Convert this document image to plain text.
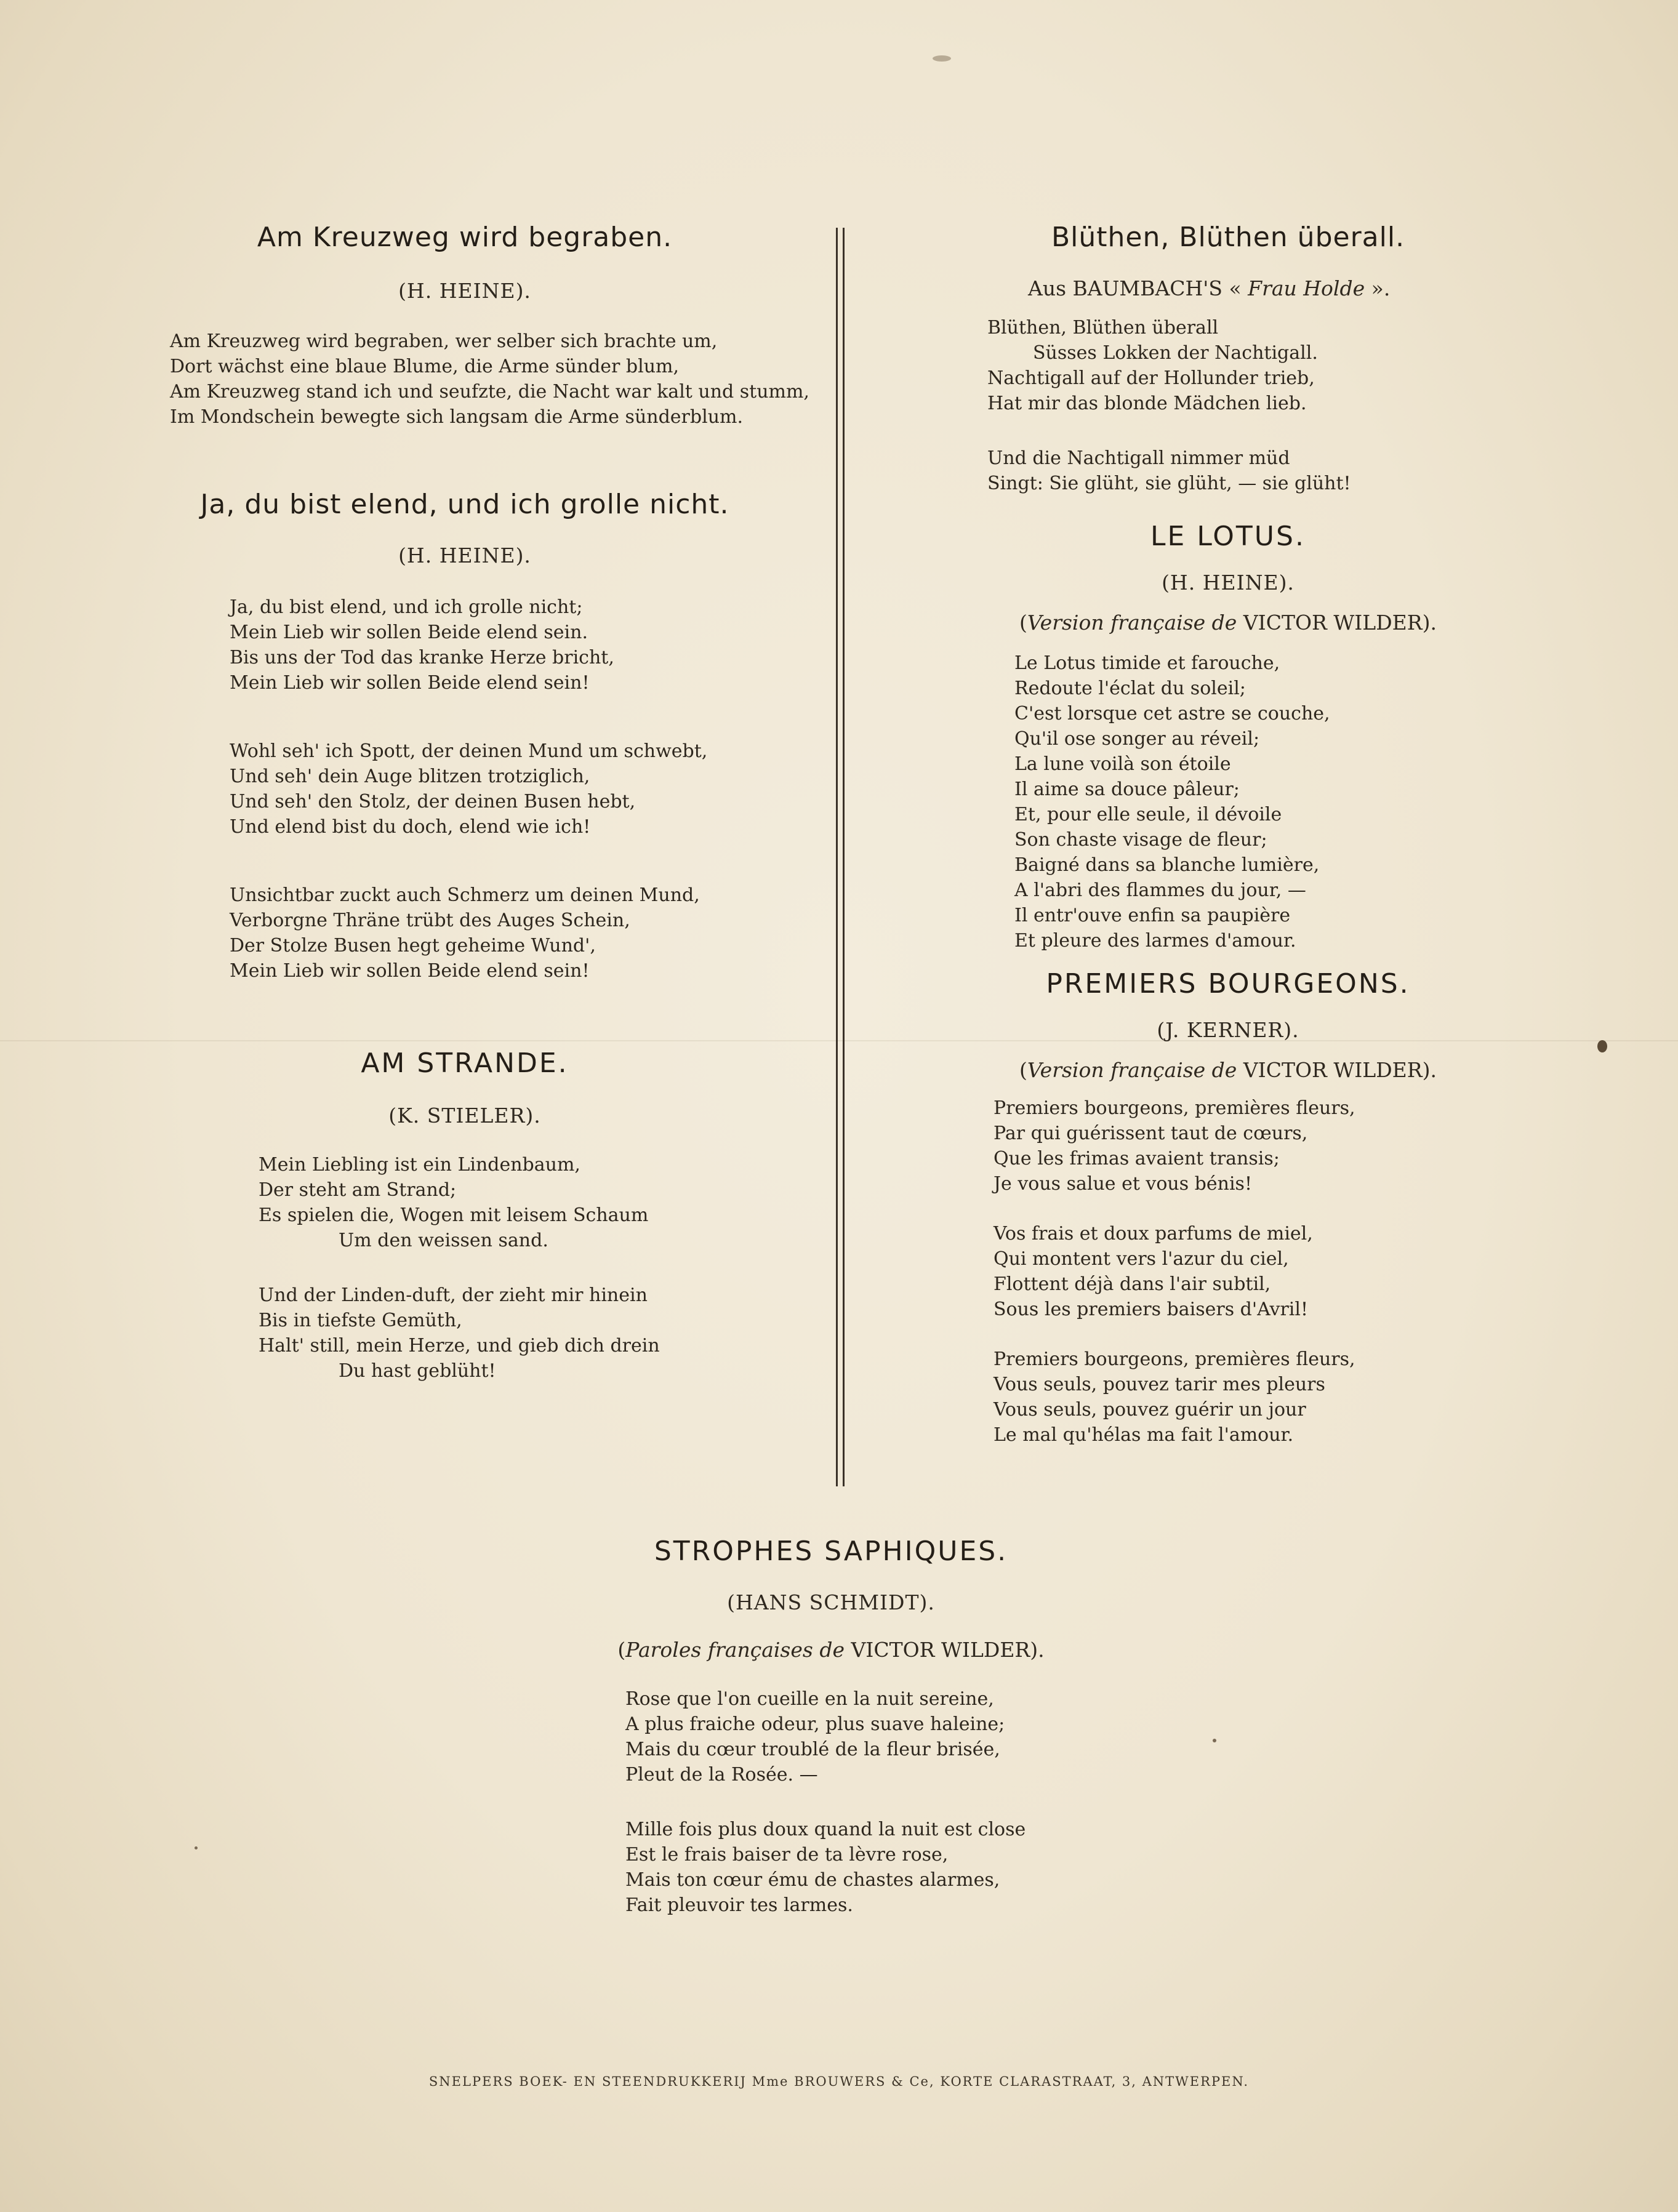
Am Kreuzweg wird begraben.

(H. HEINE).

Am Kreuzweg wird begraben, wer selber sich brachte um,
Dort wächst eine blaue Blume, die Arme sünder blum,
Am Kreuzweg stand ich und seufzte, die Nacht war kalt und stumm,
Im Mondschein bewegte sich langsam die Arme sünderblum.
Ja, du bist elend, und ich grolle nicht.

(H. HEINE).

Ja, du bist elend, und ich grolle nicht;
Mein Lieb wir sollen Beide elend sein.
Bis uns der Tod das kranke Herze bricht,
Mein Lieb wir sollen Beide elend sein!
Wohl seh' ich Spott, der deinen Mund um schwebt,
Und seh' dein Auge blitzen trotziglich,
Und seh' den Stolz, der deinen Busen hebt,
Und elend bist du doch, elend wie ich!
Unsichtbar zuckt auch Schmerz um deinen Mund,
Verborgne Thräne trübt des Auges Schein,
Der Stolze Busen hegt geheime Wund',
Mein Lieb wir sollen Beide elend sein!
AM STRANDE.

(K. STIELER).

Mein Liebling ist ein Lindenbaum,
Der steht am Strand;
Es spielen die, Wogen mit leisem Schaum
Um den weissen sand.
Und der Linden-duft, der zieht mir hinein
Bis in tiefste Gemüth,
Halt' still, mein Herze, und gieb dich drein
Du hast geblüht!
Blüthen, Blüthen überall.

Aus BAUMBACH'S « Frau Holde ».

Blüthen, Blüthen überall
Süsses Lokken der Nachtigall.
Nachtigall auf der Hollunder trieb,
Hat mir das blonde Mädchen lieb.
Und die Nachtigall nimmer müd
Singt: Sie glüht, sie glüht, — sie glüht!
LE LOTUS.

(H. HEINE).

(Version française de VICTOR WILDER).

Le Lotus timide et farouche,
Redoute l'éclat du soleil;
C'est lorsque cet astre se couche,
Qu'il ose songer au réveil;
La lune voilà son étoile
Il aime sa douce pâleur;
Et, pour elle seule, il dévoile
Son chaste visage de fleur;
Baigné dans sa blanche lumière,
A l'abri des flammes du jour, —
Il entr'ouve enfin sa paupière
Et pleure des larmes d'amour.
PREMIERS BOURGEONS.

(J. KERNER).

(Version française de VICTOR WILDER).

Premiers bourgeons, premières fleurs,
Par qui guérissent taut de cœurs,
Que les frimas avaient transis;
Je vous salue et vous bénis!
Vos frais et doux parfums de miel,
Qui montent vers l'azur du ciel,
Flottent déjà dans l'air subtil,
Sous les premiers baisers d'Avril!
Premiers bourgeons, premières fleurs,
Vous seuls, pouvez tarir mes pleurs
Vous seuls, pouvez guérir un jour
Le mal qu'hélas ma fait l'amour.
STROPHES SAPHIQUES.

(HANS SCHMIDT).

(Paroles françaises de VICTOR WILDER).

Rose que l'on cueille en la nuit sereine,
A plus fraiche odeur, plus suave haleine;
Mais du cœur troublé de la fleur brisée,
Pleut de la Rosée. —
Mille fois plus doux quand la nuit est close
Est le frais baiser de ta lèvre rose,
Mais ton cœur ému de chastes alarmes,
Fait pleuvoir tes larmes.
SNELPERS BOEK- EN STEENDRUKKERIJ Mme BROUWERS & Ce, KORTE CLARASTRAAT, 3, ANTWERPEN.
